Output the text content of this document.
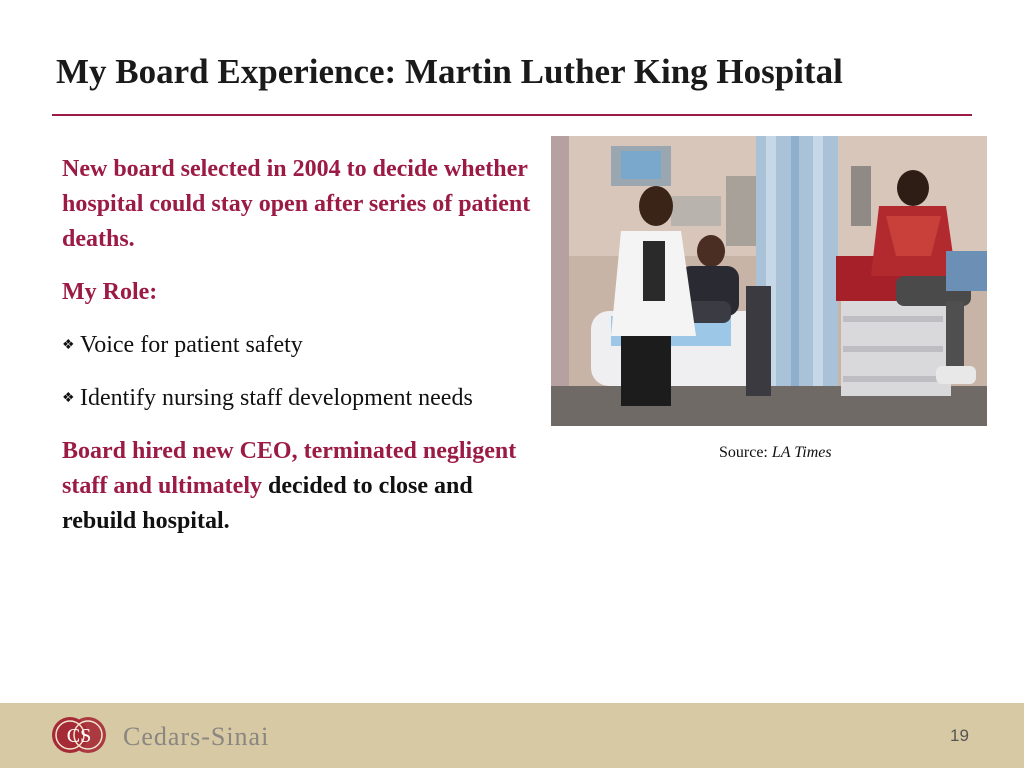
My Board Experience: Martin Luther King Hospital

New board selected in 2004 to decide whether hospital could stay open after series of patient deaths.

My Role:

❖ Voice for patient safety

❖ Identify nursing staff development needs

Board hired new CEO, terminated negligent staff and ultimately decided to close and rebuild hospital.

Source: LA Times
CS Cedars-Sinai	19
